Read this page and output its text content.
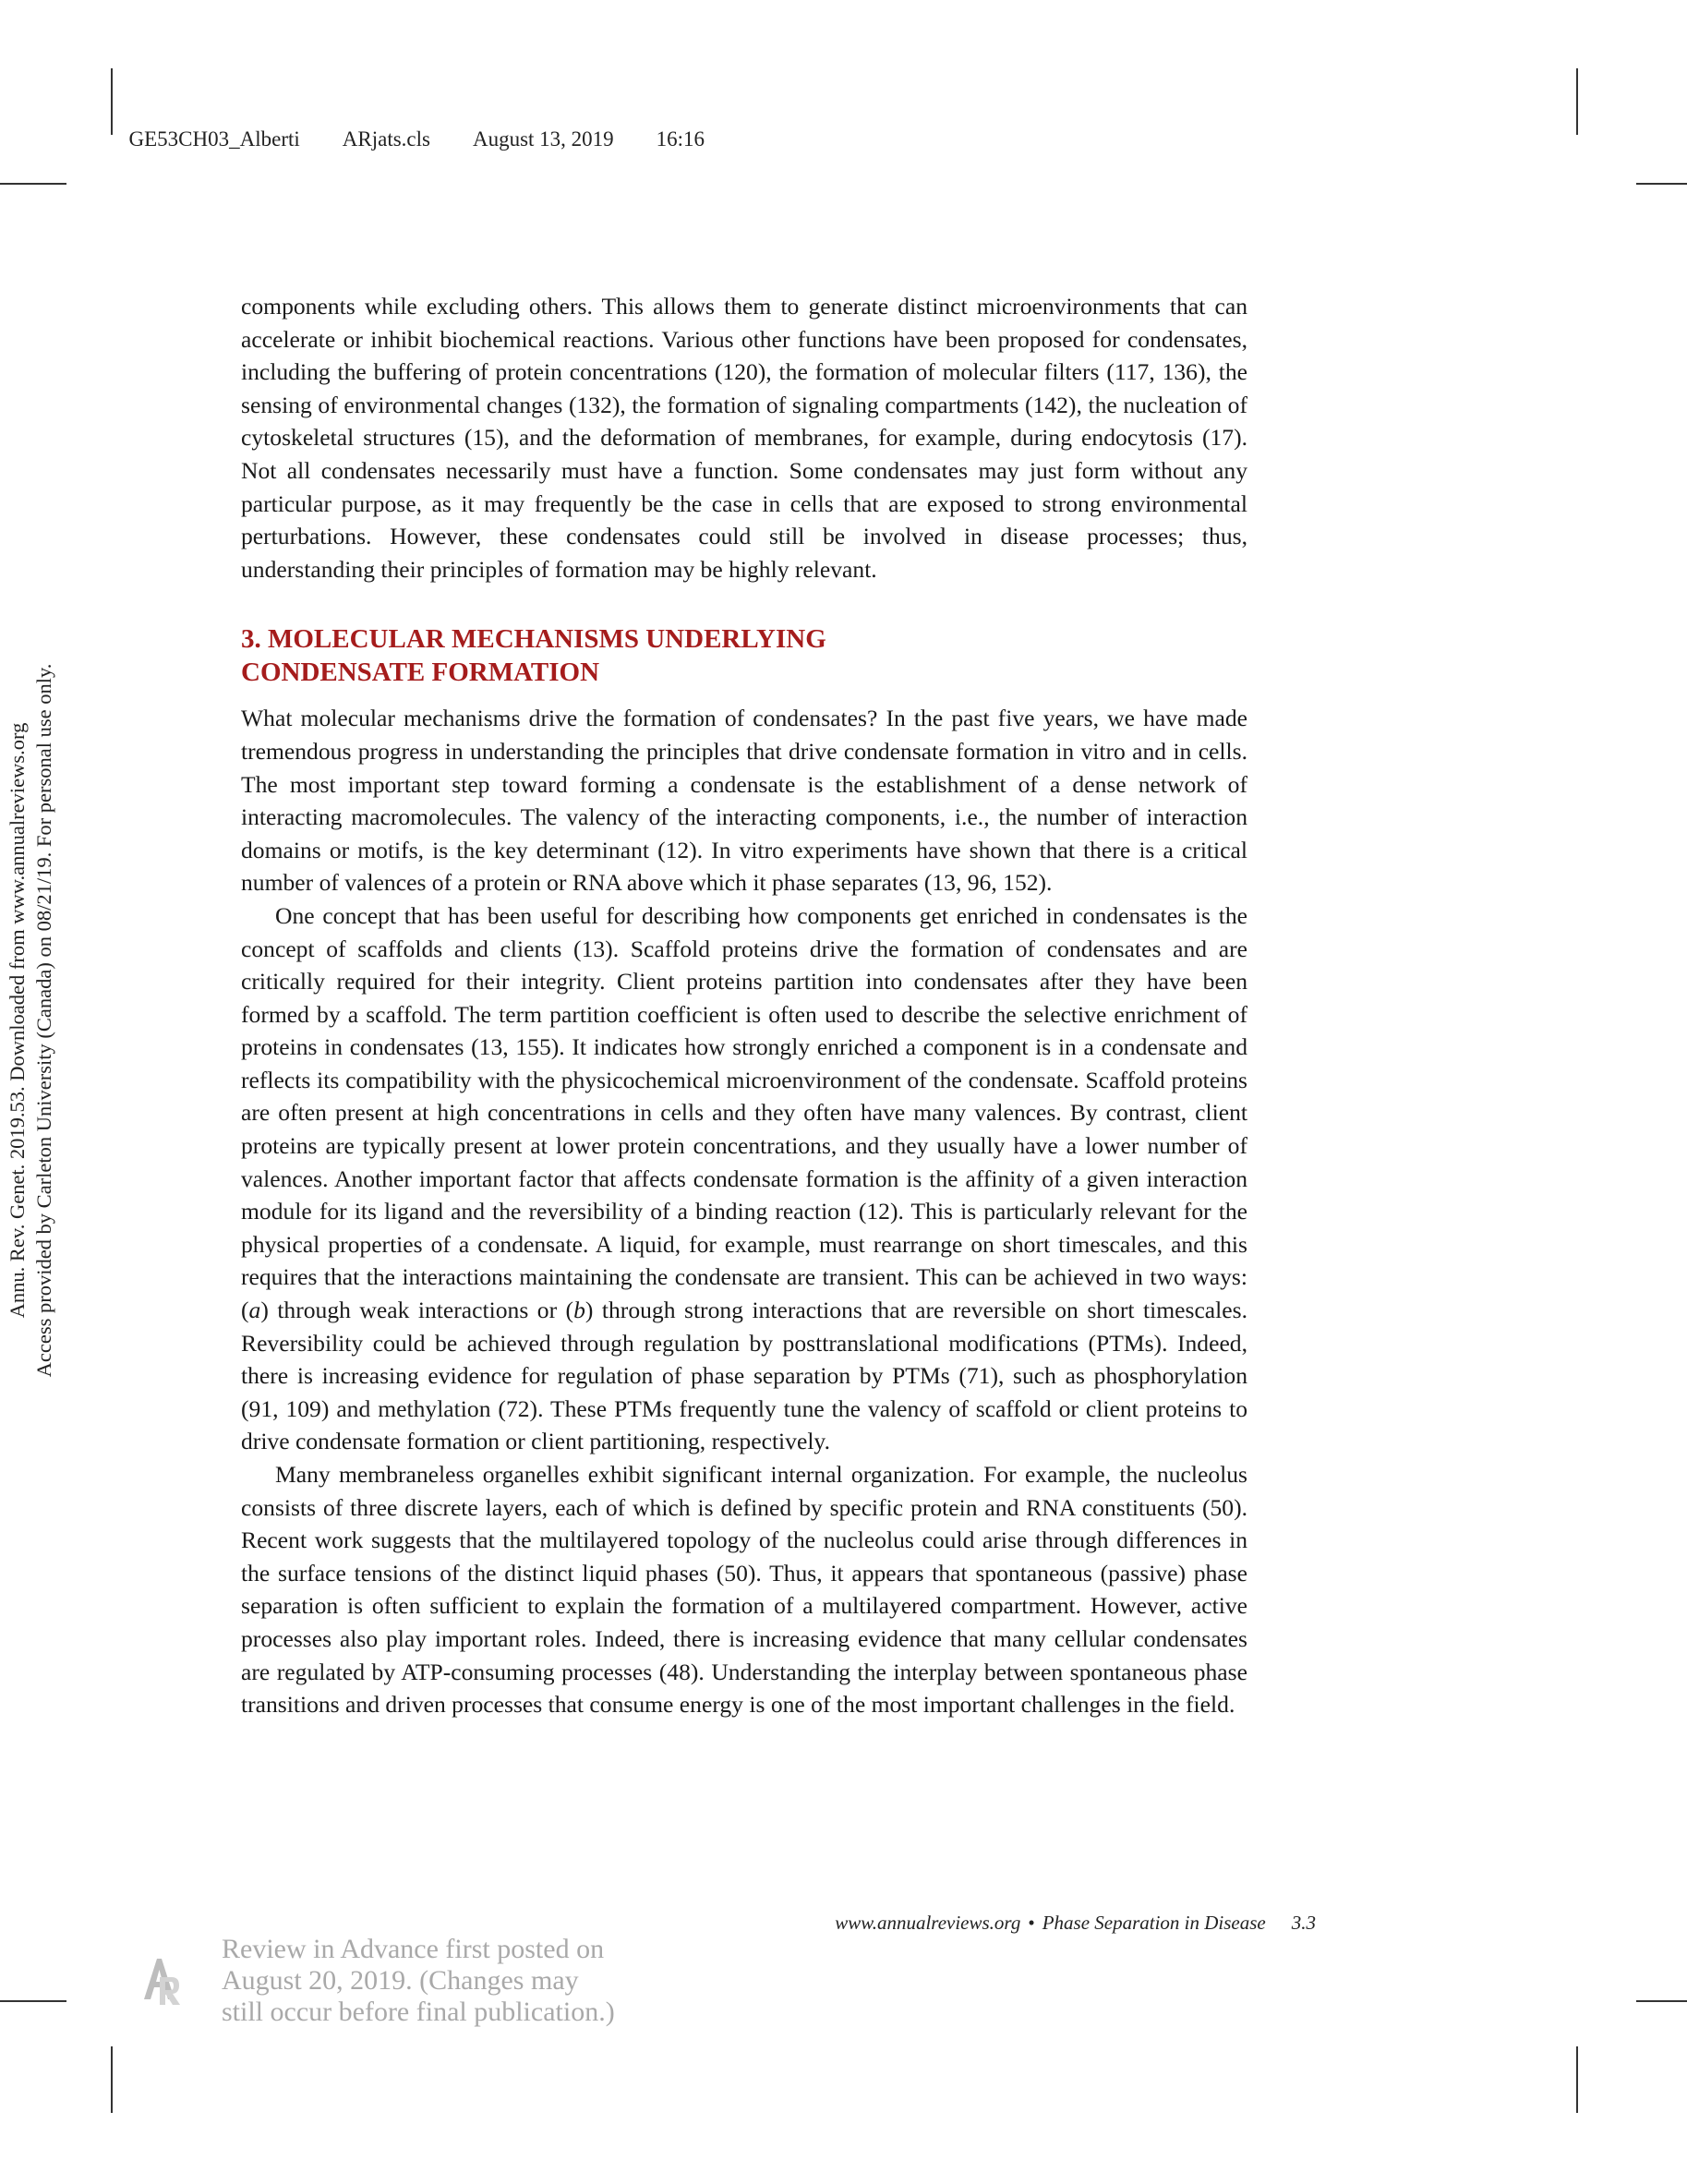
GE53CH03_Alberti ARjats.cls August 13, 2019 16:16

Annu. Rev. Genet. 2019.53. Downloaded from www.annualreviews.org Access provided by Carleton University (Canada) on 08/21/19. For personal use only.

components while excluding others. This allows them to generate distinct microenvironments that can accelerate or inhibit biochemical reactions. Various other functions have been proposed for condensates, including the buffering of protein concentrations (120), the formation of molecular filters (117, 136), the sensing of environmental changes (132), the formation of signaling compartments (142), the nucleation of cytoskeletal structures (15), and the deformation of membranes, for example, during endocytosis (17). Not all condensates necessarily must have a function. Some condensates may just form without any particular purpose, as it may frequently be the case in cells that are exposed to strong environmental perturbations. However, these condensates could still be involved in disease processes; thus, understanding their principles of formation may be highly relevant.

3. MOLECULAR MECHANISMS UNDERLYING
CONDENSATE FORMATION

What molecular mechanisms drive the formation of condensates? In the past five years, we have made tremendous progress in understanding the principles that drive condensate formation in vitro and in cells. The most important step toward forming a condensate is the establishment of a dense network of interacting macromolecules. The valency of the interacting components, i.e., the number of interaction domains or motifs, is the key determinant (12). In vitro experiments have shown that there is a critical number of valences of a protein or RNA above which it phase separates (13, 96, 152).

One concept that has been useful for describing how components get enriched in condensates is the concept of scaffolds and clients (13). Scaffold proteins drive the formation of condensates and are critically required for their integrity. Client proteins partition into condensates after they have been formed by a scaffold. The term partition coefficient is often used to describe the selective enrichment of proteins in condensates (13, 155). It indicates how strongly enriched a component is in a condensate and reflects its compatibility with the physicochemical microenvironment of the condensate. Scaffold proteins are often present at high concentrations in cells and they often have many valences. By contrast, client proteins are typically present at lower protein concentrations, and they usually have a lower number of valences. Another important factor that affects condensate formation is the affinity of a given interaction module for its ligand and the reversibility of a binding reaction (12). This is particularly relevant for the physical properties of a condensate. A liquid, for example, must rearrange on short timescales, and this requires that the interactions maintaining the condensate are transient. This can be achieved in two ways: (a) through weak interactions or (b) through strong interactions that are reversible on short timescales. Reversibility could be achieved through regulation by posttranslational modifications (PTMs). Indeed, there is increasing evidence for regulation of phase separation by PTMs (71), such as phosphorylation (91, 109) and methylation (72). These PTMs frequently tune the valency of scaffold or client proteins to drive condensate formation or client partitioning, respectively.

Many membraneless organelles exhibit significant internal organization. For example, the nucleolus consists of three discrete layers, each of which is defined by specific protein and RNA constituents (50). Recent work suggests that the multilayered topology of the nucleolus could arise through differences in the surface tensions of the distinct liquid phases (50). Thus, it appears that spontaneous (passive) phase separation is often sufficient to explain the formation of a multilayered compartment. However, active processes also play important roles. Indeed, there is increasing evidence that many cellular condensates are regulated by ATP-consuming processes (48). Understanding the interplay between spontaneous phase transitions and driven processes that consume energy is one of the most important challenges in the field.

www.annualreviews.org • Phase Separation in Disease 3.3
Review in Advance first posted on
August 20, 2019. (Changes may
still occur before final publication.)
